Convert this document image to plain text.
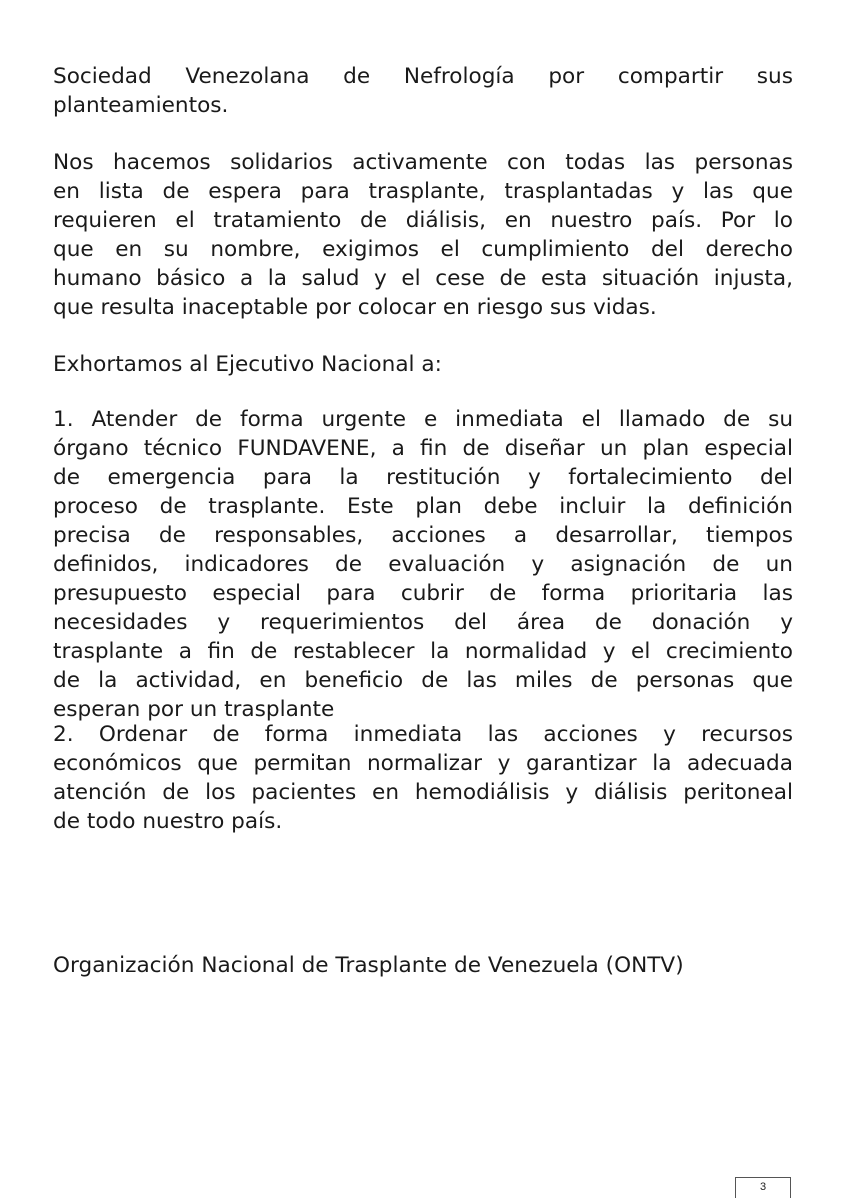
Sociedad Venezolana de Nefrología por compartir sus
planteamientos.

Nos hacemos solidarios activamente con todas las personas
en lista de espera para trasplante, trasplantadas y las que
requieren el tratamiento de diálisis, en nuestro país. Por lo
que en su nombre, exigimos el cumplimiento del derecho
humano básico a la salud y el cese de esta situación injusta,
que resulta inaceptable por colocar en riesgo sus vidas.

Exhortamos al Ejecutivo Nacional a:

1. Atender de forma urgente e inmediata el llamado de su
órgano técnico FUNDAVENE, a fin de diseñar un plan especial
de emergencia para la restitución y fortalecimiento del
proceso de trasplante. Este plan debe incluir la definición
precisa de responsables, acciones a desarrollar, tiempos
definidos, indicadores de evaluación y asignación de un
presupuesto especial para cubrir de forma prioritaria las
necesidades y requerimientos del área de donación y
trasplante a fin de restablecer la normalidad y el crecimiento
de la actividad, en beneficio de las miles de personas que
esperan por un trasplante

2. Ordenar de forma inmediata las acciones y recursos
económicos que permitan normalizar y garantizar la adecuada
atención de los pacientes en hemodiálisis y diálisis peritoneal
de todo nuestro país.

Organización Nacional de Trasplante de Venezuela (ONTV)

3
